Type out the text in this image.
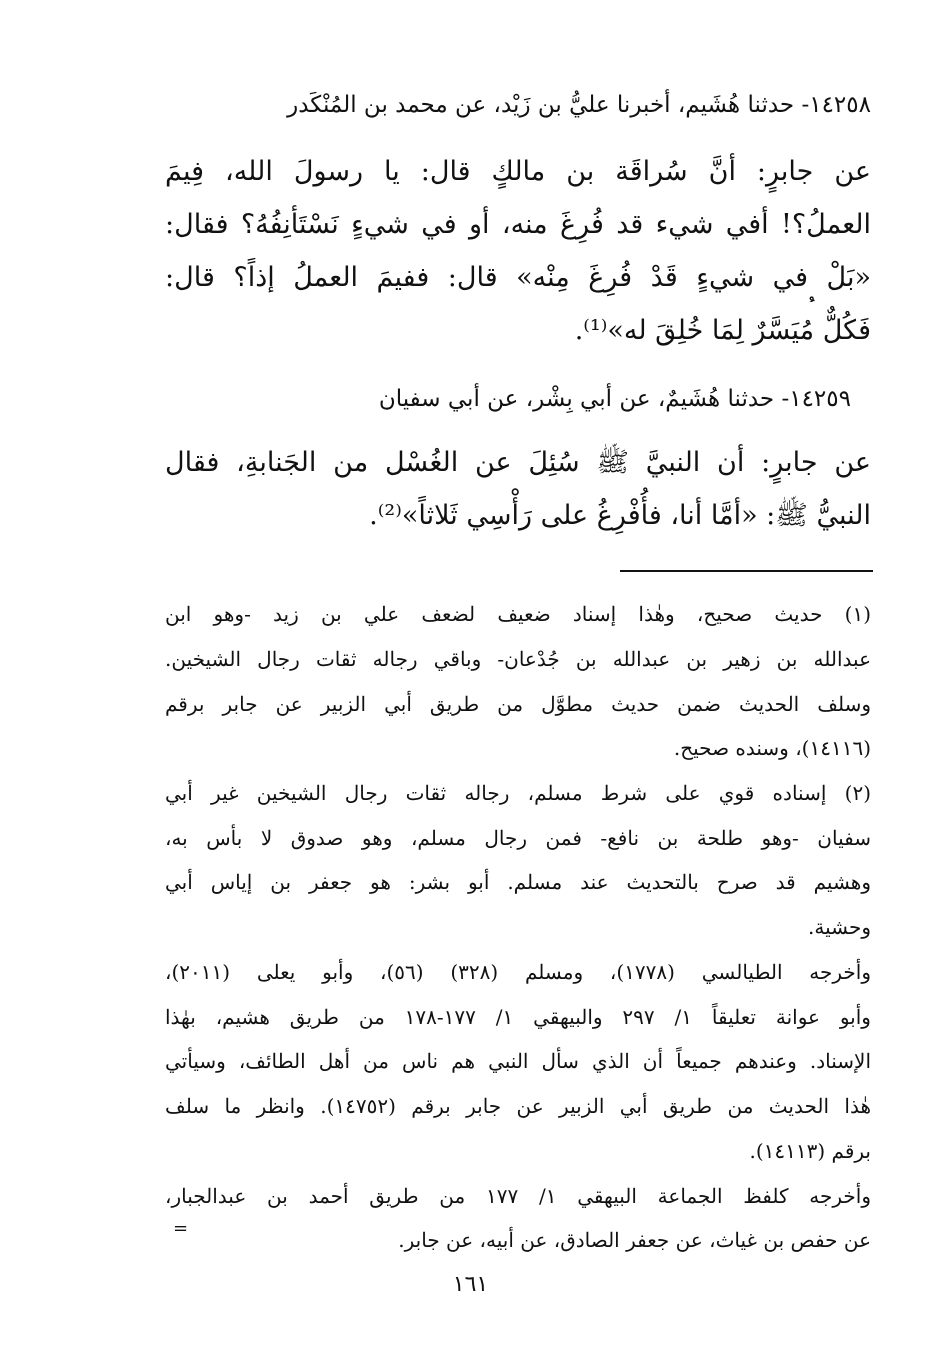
١٤٢٥٨- حدثنا هُشَيم، أخبرنا عليُّ بن زَيْد، عن محمد بن المُنْكَدر
عن جابرٍ: أَنَّ سُراقَة بن مالكٍ قال: يا رسولَ الله، فِيمَ
العملُ؟! أفي شيء قد فُرِغَ منه، أو في شيءٍ نَسْتَأْنِفُهُ؟ فقال:
«بَلْ في شيءٍ قَدْ فُرِغَ مِنْه» قال: ففيمَ العملُ إذاً؟ قال:
فَكُلٌّ مُيَسَّرٌ لِمَا خُلِقَ له»⁽¹⁾.
١٤٢٥٩- حدثنا هُشَيمٌ، عن أبي بِشْر، عن أبي سفيان
عن جابرٍ: أن النبيَّ ﷺ سُئِلَ عن الغُسْل من الجَنابةِ، فقال
النبيُّ ﷺ: «أمَّا أنا، فأُفْرِغُ على رَأْسِي ثَلاثاً»⁽²⁾.
(١) حديث صحيح، وهٰذا إسناد ضعيف لضعف علي بن زيد -وهو ابن
عبدالله بن زهير بن عبدالله بن جُدْعان- وباقي رجاله ثقات رجال الشيخين.
وسلف الحديث ضمن حديث مطوَّل من طريق أبي الزبير عن جابر برقم
(١٤١١٦)، وسنده صحيح.
(٢) إسناده قوي على شرط مسلم، رجاله ثقات رجال الشيخين غير أبي
سفيان -وهو طلحة بن نافع- فمن رجال مسلم، وهو صدوق لا بأس به،
وهشيم قد صرح بالتحديث عند مسلم. أبو بشر: هو جعفر بن إياس أبي
وحشية.
وأخرجه الطيالسي (١٧٧٨)، ومسلم (٣٢٨) (٥٦)، وأبو يعلى (٢٠١١)،
وأبو عوانة تعليقاً ١/ ٢٩٧ والبيهقي ١/ ١٧٧-١٧٨ من طريق هشيم، بهٰذا
الإسناد. وعندهم جميعاً أن الذي سأل النبي هم ناس من أهل الطائف، وسيأتي
هٰذا الحديث من طريق أبي الزبير عن جابر برقم (١٤٧٥٢). وانظر ما سلف
برقم (١٤١١٣).
وأخرجه كلفظ الجماعة البيهقي ١/ ١٧٧ من طريق أحمد بن عبدالجبار،
عن حفص بن غياث، عن جعفر الصادق، عن أبيه، عن جابر.
=
١٦١
